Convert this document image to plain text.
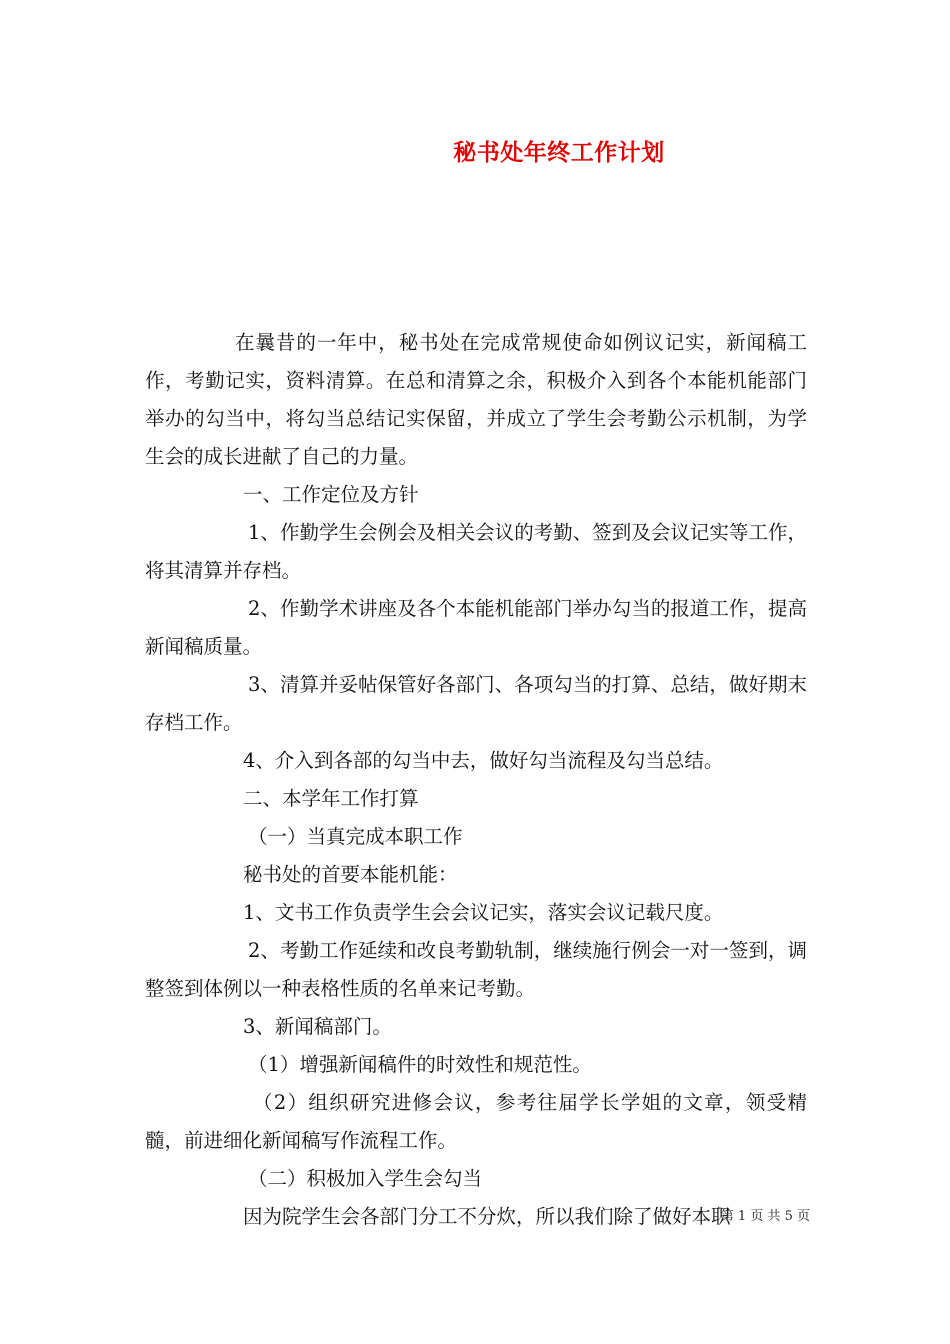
秘书处年终工作计划

在曩昔的一年中，秘书处在完成常规使命如例议记实，新闻稿工作，考勤记实，资料清算。在总和清算之余，积极介入到各个本能机能部门举办的勾当中，将勾当总结记实保留，并成立了学生会考勤公示机制，为学生会的成长进献了自己的力量。

一、工作定位及方针

1、作勤学生会例会及相关会议的考勤、签到及会议记实等工作，将其清算并存档。

2、作勤学术讲座及各个本能机能部门举办勾当的报道工作，提高新闻稿质量。

3、清算并妥帖保管好各部门、各项勾当的打算、总结，做好期末存档工作。

4、介入到各部的勾当中去，做好勾当流程及勾当总结。

二、本学年工作打算

（一）当真完成本职工作

秘书处的首要本能机能：

1、文书工作负责学生会会议记实，落实会议记载尺度。

2、考勤工作延续和改良考勤轨制，继续施行例会一对一签到，调整签到体例以一种表格性质的名单来记考勤。

3、新闻稿部门。

（1）增强新闻稿件的时效性和规范性。

（2）组织研究进修会议，参考往届学长学姐的文章，领受精髓，前进细化新闻稿写作流程工作。

（二）积极加入学生会勾当

因为院学生会各部门分工不分炊，所以我们除了做好本职

第 1 页 共 5 页
